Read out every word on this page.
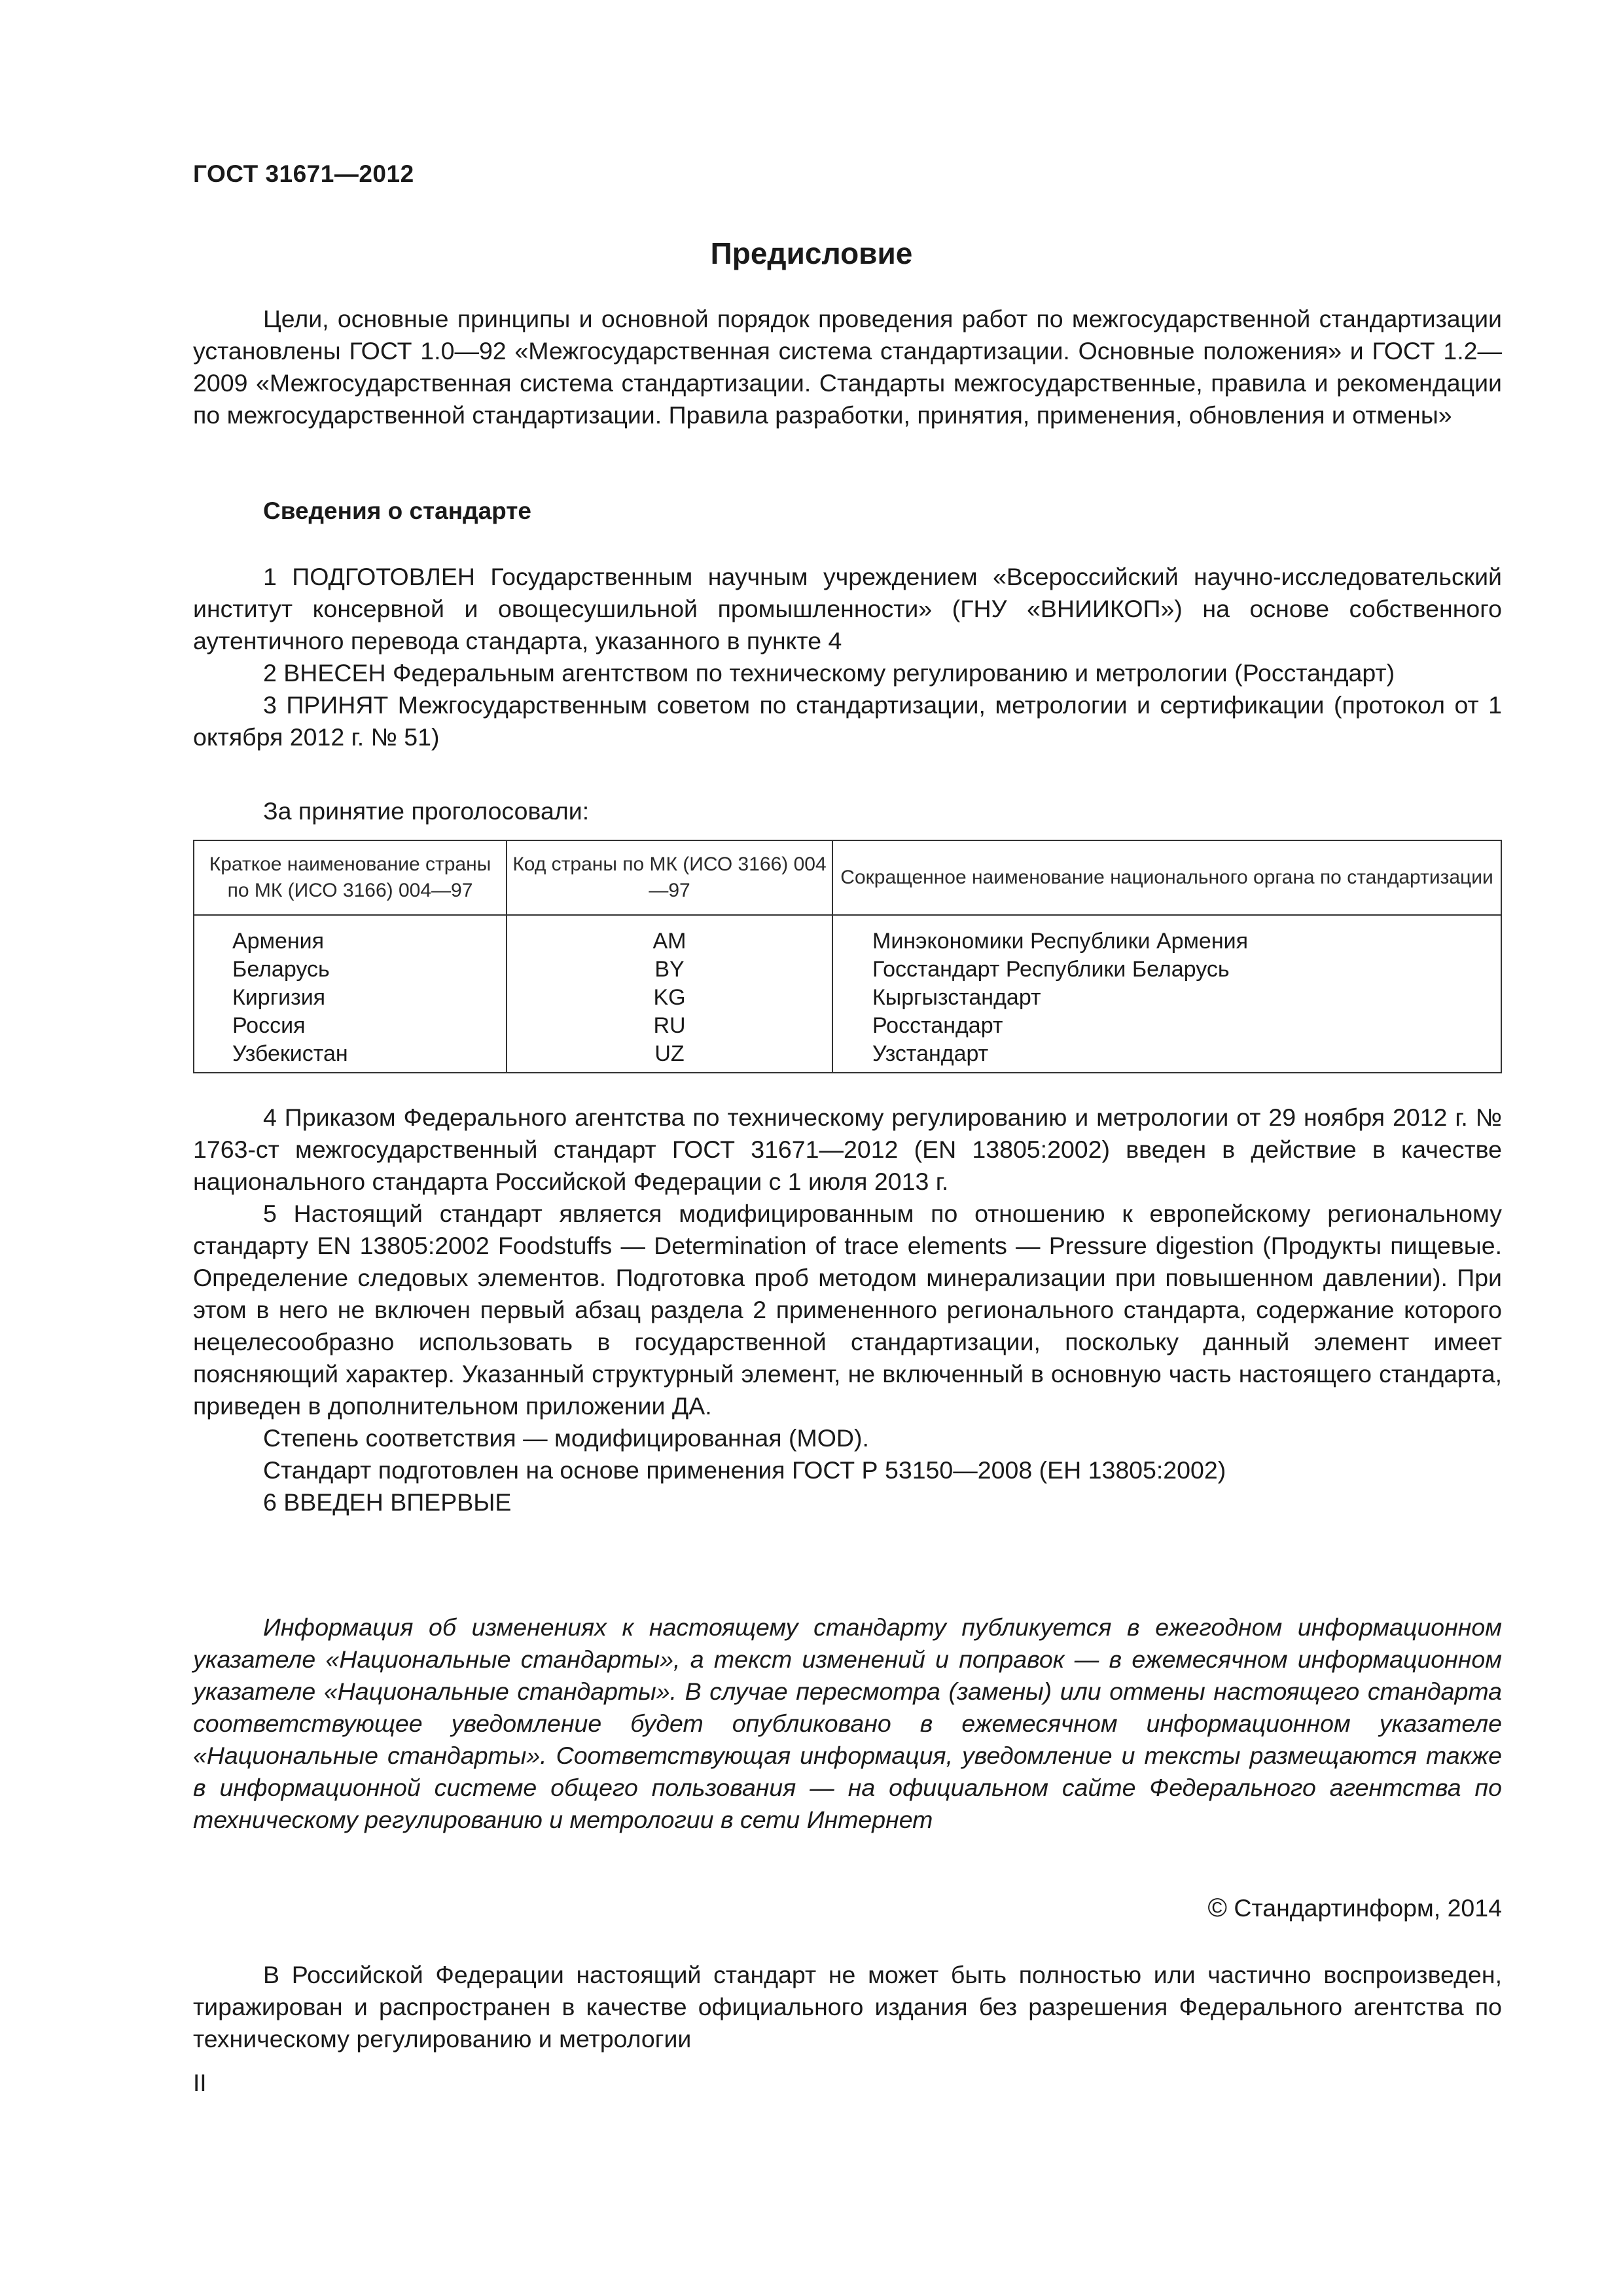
ГОСТ 31671—2012
Предисловие

Цели, основные принципы и основной порядок проведения работ по межгосударственной стандартизации установлены ГОСТ 1.0—92 «Межгосударственная система стандартизации. Основные положения» и ГОСТ 1.2—2009 «Межгосударственная система стандартизации. Стандарты межгосударственные, правила и рекомендации по межгосударственной стандартизации. Правила разработки, принятия, применения, обновления и отмены»

Сведения о стандарте

1 ПОДГОТОВЛЕН Государственным научным учреждением «Всероссийский научно-исследовательский институт консервной и овощесушильной промышленности» (ГНУ «ВНИИКОП») на основе собственного аутентичного перевода стандарта, указанного в пункте 4

2 ВНЕСЕН Федеральным агентством по техническому регулированию и метрологии (Росстандарт)

3 ПРИНЯТ Межгосударственным советом по стандартизации, метрологии и сертификации (протокол от 1 октября 2012 г. № 51)

За принятие проголосовали:
Краткое наименование страны по МК (ИСО 3166) 004—97	Код страны по МК (ИСО 3166) 004—97	Сокращенное наименование национального органа по стандартизации
Армения	AM	Минэкономики Республики Армения
Беларусь	BY	Госстандарт Республики Беларусь
Киргизия	KG	Кыргызстандарт
Россия	RU	Росстандарт
Узбекистан	UZ	Узстандарт

4 Приказом Федерального агентства по техническому регулированию и метрологии от 29 ноября 2012 г. № 1763-ст межгосударственный стандарт ГОСТ 31671—2012 (EN 13805:2002) введен в действие в качестве национального стандарта Российской Федерации с 1 июля 2013 г.

5 Настоящий стандарт является модифицированным по отношению к европейскому региональному стандарту EN 13805:2002 Foodstuffs — Determination of trace elements — Pressure digestion (Продукты пищевые. Определение следовых элементов. Подготовка проб методом минерализации при повышенном давлении). При этом в него не включен первый абзац раздела 2 примененного регионального стандарта, содержание которого нецелесообразно использовать в государственной стандартизации, поскольку данный элемент имеет поясняющий характер. Указанный структурный элемент, не включенный в основную часть настоящего стандарта, приведен в дополнительном приложении ДА.

Степень соответствия — модифицированная (MOD).

Стандарт подготовлен на основе применения ГОСТ Р 53150—2008 (ЕН 13805:2002)

6 ВВЕДЕН ВПЕРВЫЕ

Информация об изменениях к настоящему стандарту публикуется в ежегодном информационном указателе «Национальные стандарты», а текст изменений и поправок — в ежемесячном информационном указателе «Национальные стандарты». В случае пересмотра (замены) или отмены настоящего стандарта соответствующее уведомление будет опубликовано в ежемесячном информационном указателе «Национальные стандарты». Соответствующая информация, уведомление и тексты размещаются также в информационной системе общего пользования — на официальном сайте Федерального агентства по техническому регулированию и метрологии в сети Интернет

© Стандартинформ, 2014

В Российской Федерации настоящий стандарт не может быть полностью или частично воспроизведен, тиражирован и распространен в качестве официального издания без разрешения Федерального агентства по техническому регулированию и метрологии

II
